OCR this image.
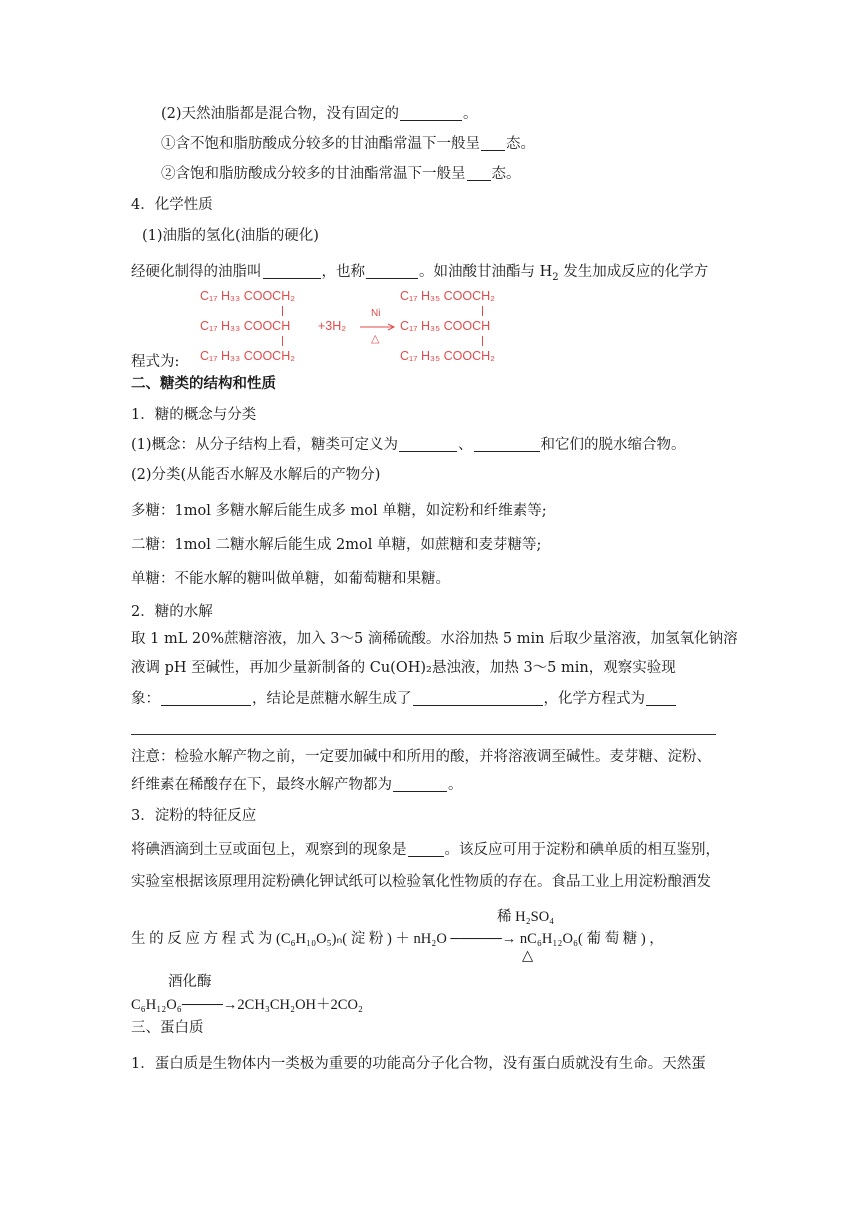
(2)天然油脂都是混合物，没有固定的	。
①含不饱和脂肪酸成分较多的甘油酯常温下一般呈 态。
②含饱和脂肪酸成分较多的甘油酯常温下一般呈 态。
4．化学性质
(1)油脂的氢化(油脂的硬化)
经硬化制得的油脂叫	，也称	。如油酸甘油酯与 $H_2$ 发生加成反应的化学方
C₁₇ H₃₃ COOCH₂
C₁₇ H₃₃ COOCH
C₁₇ H₃₃ COOCH₂
+3H₂
Ni
△
C₁₇ H₃₅ COOCH₂
C₁₇ H₃₅ COOCH
C₁₇ H₃₅ COOCH₂
程式为:
二、糖类的结构和性质
1．糖的概念与分类
(1)概念：从分子结构上看，糖类可定义为	、	和它们的脱水缩合物。
(2)分类(从能否水解及水解后的产物分)
多糖：1mol 多糖水解后能生成多 mol 单糖，如淀粉和纤维素等;
二糖：1mol 二糖水解后能生成 2mol 单糖，如蔗糖和麦芽糖等;
单糖：不能水解的糖叫做单糖，如葡萄糖和果糖。
2．糖的水解
取 1 mL 20%蔗糖溶液，加入 3～5 滴稀硫酸。水浴加热 5 min 后取少量溶液，加氢氧化钠溶
液调 pH 至碱性，再加少量新制备的 Cu(OH)₂悬浊液，加热 3～5 min，观察实验现
象：	，结论是蔗糖水解生成了	，化学方程式为
注意：检验水解产物之前，一定要加碱中和所用的酸，并将溶液调至碱性。麦芽糖、淀粉、
纤维素在稀酸存在下，最终水解产物都为	。
3．淀粉的特征反应
将碘酒滴到土豆或面包上，观察到的现象是	。该反应可用于淀粉和碘单质的相互鉴别，
实验室根据该原理用淀粉碘化钾试纸可以检验氧化性物质的存在。食品工业上用淀粉酿酒发
稀 H₂SO₄
生 的 反 应 方 程 式 为 (C₆H₁₀O₅)ₙ( 淀 粉 ) ＋ nH₂O ─────→ nC₆H₁₂O₆( 葡 萄 糖 ) ，
△
酒化酶
C₆H₁₂O₆────→2CH₃CH₂OH＋2CO₂
三、蛋白质
1．蛋白质是生物体内一类极为重要的功能高分子化合物，没有蛋白质就没有生命。天然蛋
